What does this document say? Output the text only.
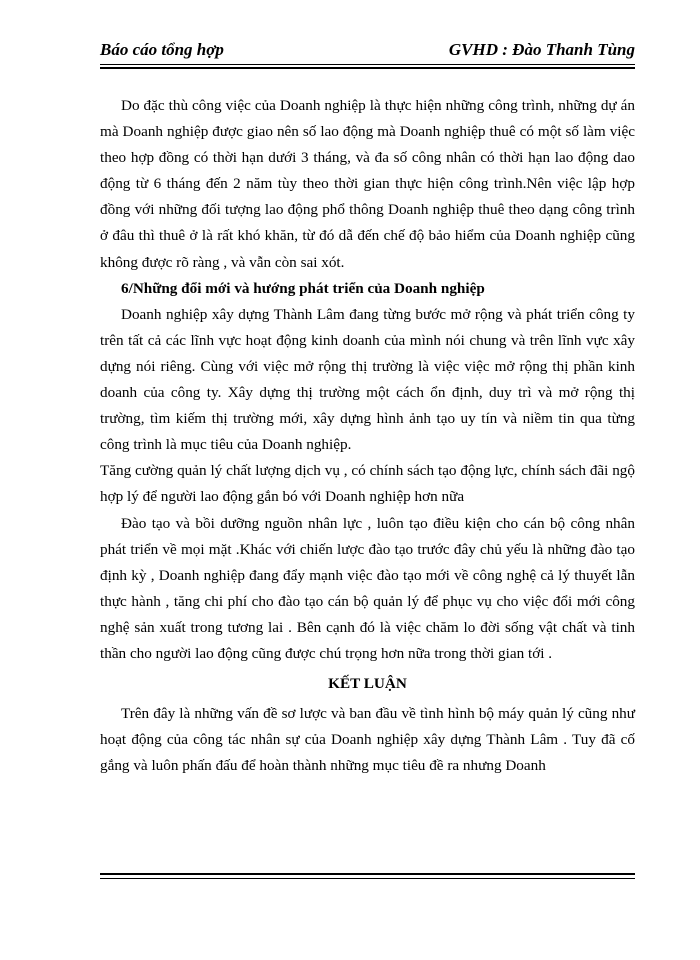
Báo cáo tổng hợp	GVHD : Đào Thanh Tùng

Do đặc thù công việc của Doanh nghiệp là thực hiện những công trình, những dự án mà Doanh nghiệp được giao nên số lao động mà Doanh nghiệp thuê có một số làm việc theo hợp đồng có thời hạn dưới 3 tháng, và đa số công nhân có thời hạn lao động dao động từ 6 tháng đến 2 năm tùy theo thời gian thực hiện công trình.Nên việc lập hợp đồng với những đối tượng lao động phổ thông Doanh nghiệp thuê theo dạng công trình ở đâu thì thuê ở là rất khó khăn, từ đó dẫ đến chế độ bảo hiểm của Doanh nghiệp cũng không được rõ ràng , và vẫn còn sai xót.

6/Những đổi mới và hướng phát triển của Doanh nghiệp

Doanh nghiệp xây dựng Thành Lâm đang từng bước mở rộng và phát triển công ty trên tất cả các lĩnh vực hoạt động kinh doanh của mình nói chung và trên lĩnh vực xây dựng nói riêng. Cùng với việc mở rộng thị trường là việc việc mở rộng thị phần kinh doanh của công ty. Xây dựng thị trường một cách ổn định, duy trì và mở rộng thị trường, tìm kiếm thị trường mới, xây dựng hình ảnh tạo uy tín và niềm tin qua từng công trình là mục tiêu của Doanh nghiệp.

Tăng cường quản lý chất lượng dịch vụ , có chính sách tạo động lực, chính sách đãi ngộ hợp lý để người lao động gắn bó với Doanh nghiệp hơn nữa

Đào tạo và bồi dưỡng nguồn nhân lực , luôn tạo điều kiện cho cán bộ công nhân phát triển về mọi mặt .Khác với chiến lược đào tạo trước đây chủ yếu là những đào tạo định kỳ , Doanh nghiệp đang đẩy mạnh việc đào tạo mới về công nghệ cả lý thuyết lẫn thực hành , tăng chi phí cho đào tạo cán bộ quản lý để phục vụ cho việc đổi mới công nghệ sản xuất trong tương lai . Bên cạnh đó là việc chăm lo đời sống vật chất và tinh thần cho người lao động cũng được chú trọng hơn nữa trong thời gian tới .

KẾT LUẬN

Trên đây là những vấn đề sơ lược và ban đầu về tình hình bộ máy quản lý cũng như hoạt động của công tác nhân sự của Doanh nghiệp xây dựng Thành Lâm . Tuy đã cố gắng và luôn phấn đấu để hoàn thành những mục tiêu đề ra nhưng Doanh
